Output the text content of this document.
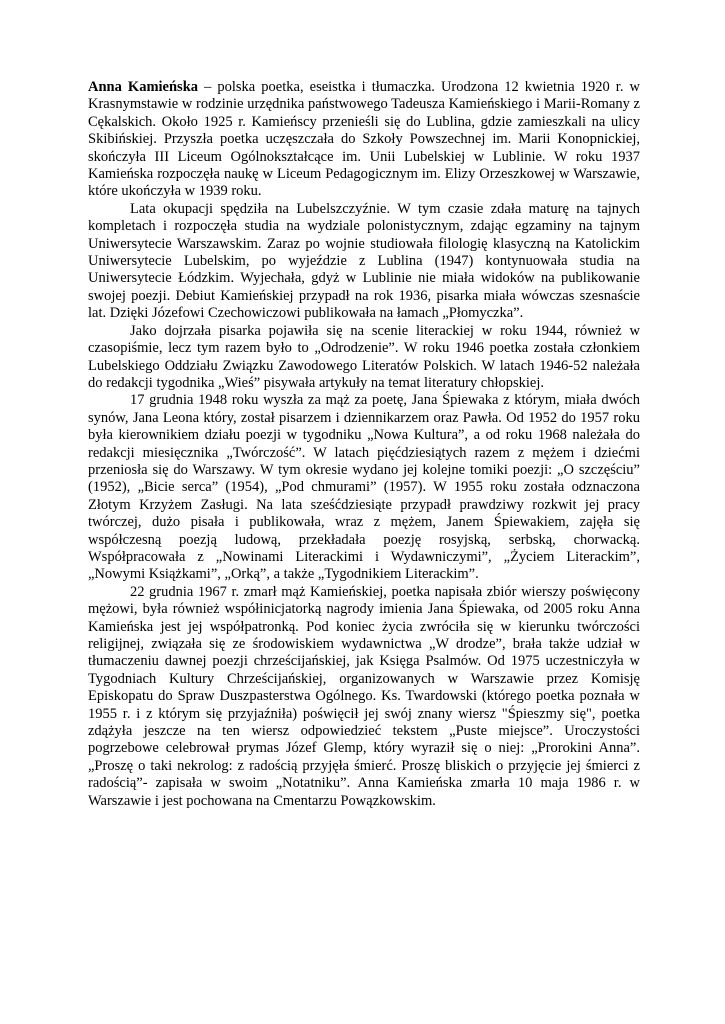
Anna Kamieńska – polska poetka, eseistka i tłumaczka. Urodzona 12 kwietnia 1920 r. w Krasnymstawie w rodzinie urzędnika państwowego Tadeusza Kamieńskiego i Marii-Romany z Cękalskich. Około 1925 r. Kamieńscy przenieśli się do Lublina, gdzie zamieszkali na ulicy Skibińskiej. Przyszła poetka uczęszczała do Szkoły Powszechnej im. Marii Konopnickiej, skończyła III Liceum Ogólnokształcące im. Unii Lubelskiej w Lublinie. W roku 1937 Kamieńska rozpoczęła naukę w Liceum Pedagogicznym im. Elizy Orzeszkowej w Warszawie, które ukończyła w 1939 roku.

Lata okupacji spędziła na Lubelszczyźnie. W tym czasie zdała maturę na tajnych kompletach i rozpoczęła studia na wydziale polonistycznym, zdając egzaminy na tajnym Uniwersytecie Warszawskim. Zaraz po wojnie studiowała filologię klasyczną na Katolickim Uniwersytecie Lubelskim, po wyjeździe z Lublina (1947) kontynuowała studia na Uniwersytecie Łódzkim. Wyjechała, gdyż w Lublinie nie miała widoków na publikowanie swojej poezji. Debiut Kamieńskiej przypadł na rok 1936, pisarka miała wówczas szesnaście lat. Dzięki Józefowi Czechowiczowi publikowała na łamach „Płomyczka”.

Jako dojrzała pisarka pojawiła się na scenie literackiej w roku 1944, również w czasopiśmie, lecz tym razem było to „Odrodzenie”. W roku 1946 poetka została członkiem Lubelskiego Oddziału Związku Zawodowego Literatów Polskich. W latach 1946-52 należała do redakcji tygodnika „Wieś” pisywała artykuły na temat literatury chłopskiej.

17 grudnia 1948 roku wyszła za mąż za poetę, Jana Śpiewaka z którym, miała dwóch synów, Jana Leona który, został pisarzem i dziennikarzem oraz Pawła. Od 1952 do 1957 roku była kierownikiem działu poezji w tygodniku „Nowa Kultura”, a od roku 1968 należała do redakcji miesięcznika „Twórczość”. W latach pięćdziesiątych razem z mężem i dziećmi przeniosła się do Warszawy. W tym okresie wydano jej kolejne tomiki poezji: „O szczęściu” (1952), „Bicie serca” (1954), „Pod chmurami” (1957). W 1955 roku została odznaczona Złotym Krzyżem Zasługi. Na lata sześćdziesiąte przypadł prawdziwy rozkwit jej pracy twórczej, dużo pisała i publikowała, wraz z mężem, Janem Śpiewakiem, zajęła się współczesną poezją ludową, przekładała poezję rosyjską, serbską, chorwacką. Współpracowała z „Nowinami Literackimi i Wydawniczymi”, „Życiem Literackim”, „Nowymi Książkami”, „Orką”, a także „Tygodnikiem Literackim”.

22 grudnia 1967 r. zmarł mąż Kamieńskiej, poetka napisała zbiór wierszy poświęcony mężowi, była również współinicjatorką nagrody imienia Jana Śpiewaka, od 2005 roku Anna Kamieńska jest jej współpatronką. Pod koniec życia zwróciła się w kierunku twórczości religijnej, związała się ze środowiskiem wydawnictwa „W drodze”, brała także udział w tłumaczeniu dawnej poezji chrześcijańskiej, jak Księga Psalmów. Od 1975 uczestniczyła w Tygodniach Kultury Chrześcijańskiej, organizowanych w Warszawie przez Komisję Episkopatu do Spraw Duszpasterstwa Ogólnego. Ks. Twardowski (którego poetka poznała w 1955 r. i z którym się przyjaźniła) poświęcił jej swój znany wiersz "Śpieszmy się", poetka zdążyła jeszcze na ten wiersz odpowiedzieć tekstem „Puste miejsce”. Uroczystości pogrzebowe celebrował prymas Józef Glemp, który wyraził się o niej: „Prorokini Anna”. „Proszę o taki nekrolog: z radością przyjęła śmierć. Proszę bliskich o przyjęcie jej śmierci z radością”- zapisała w swoim „Notatniku”. Anna Kamieńska zmarła 10 maja 1986 r. w Warszawie i jest pochowana na Cmentarzu Powązkowskim.
